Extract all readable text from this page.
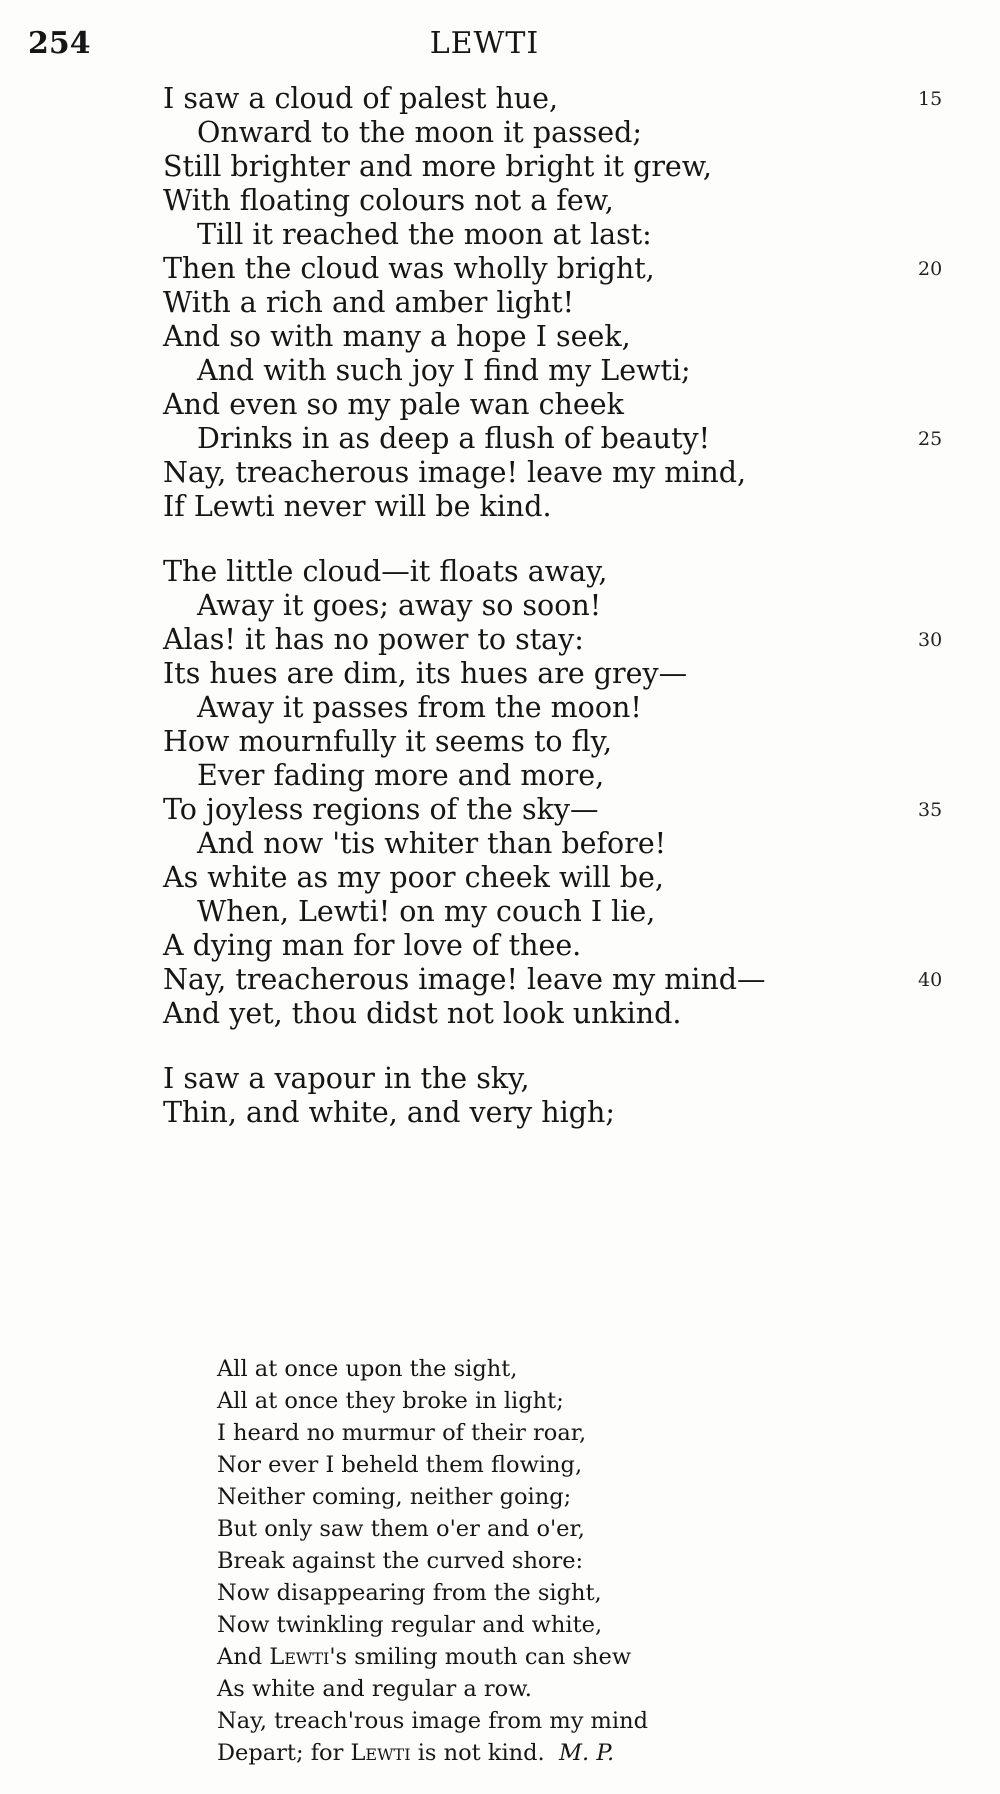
254	LEWTI
I saw a cloud of palest hue,	15
Onward to the moon it passed;
Still brighter and more bright it grew,
With floating colours not a few,
Till it reached the moon at last:
Then the cloud was wholly bright,	20
With a rich and amber light!
And so with many a hope I seek,
And with such joy I find my Lewti;
And even so my pale wan cheek
Drinks in as deep a flush of beauty!	25
Nay, treacherous image! leave my mind,
If Lewti never will be kind.
The little cloud—it floats away,
Away it goes; away so soon!
Alas! it has no power to stay:	30
Its hues are dim, its hues are grey—
Away it passes from the moon!
How mournfully it seems to fly,
Ever fading more and more,
To joyless regions of the sky—	35
And now 'tis whiter than before!
As white as my poor cheek will be,
When, Lewti! on my couch I lie,
A dying man for love of thee.
Nay, treacherous image! leave my mind—	40
And yet, thou didst not look unkind.
I saw a vapour in the sky,
Thin, and white, and very high;
All at once upon the sight,
All at once they broke in light;
I heard no murmur of their roar,
Nor ever I beheld them flowing,
Neither coming, neither going;
But only saw them o'er and o'er,
Break against the curved shore:
Now disappearing from the sight,
Now twinkling regular and white,
And Lewti's smiling mouth can shew
As white and regular a row.
Nay, treach'rous image from my mind
Depart; for Lewti is not kind. M. P.
